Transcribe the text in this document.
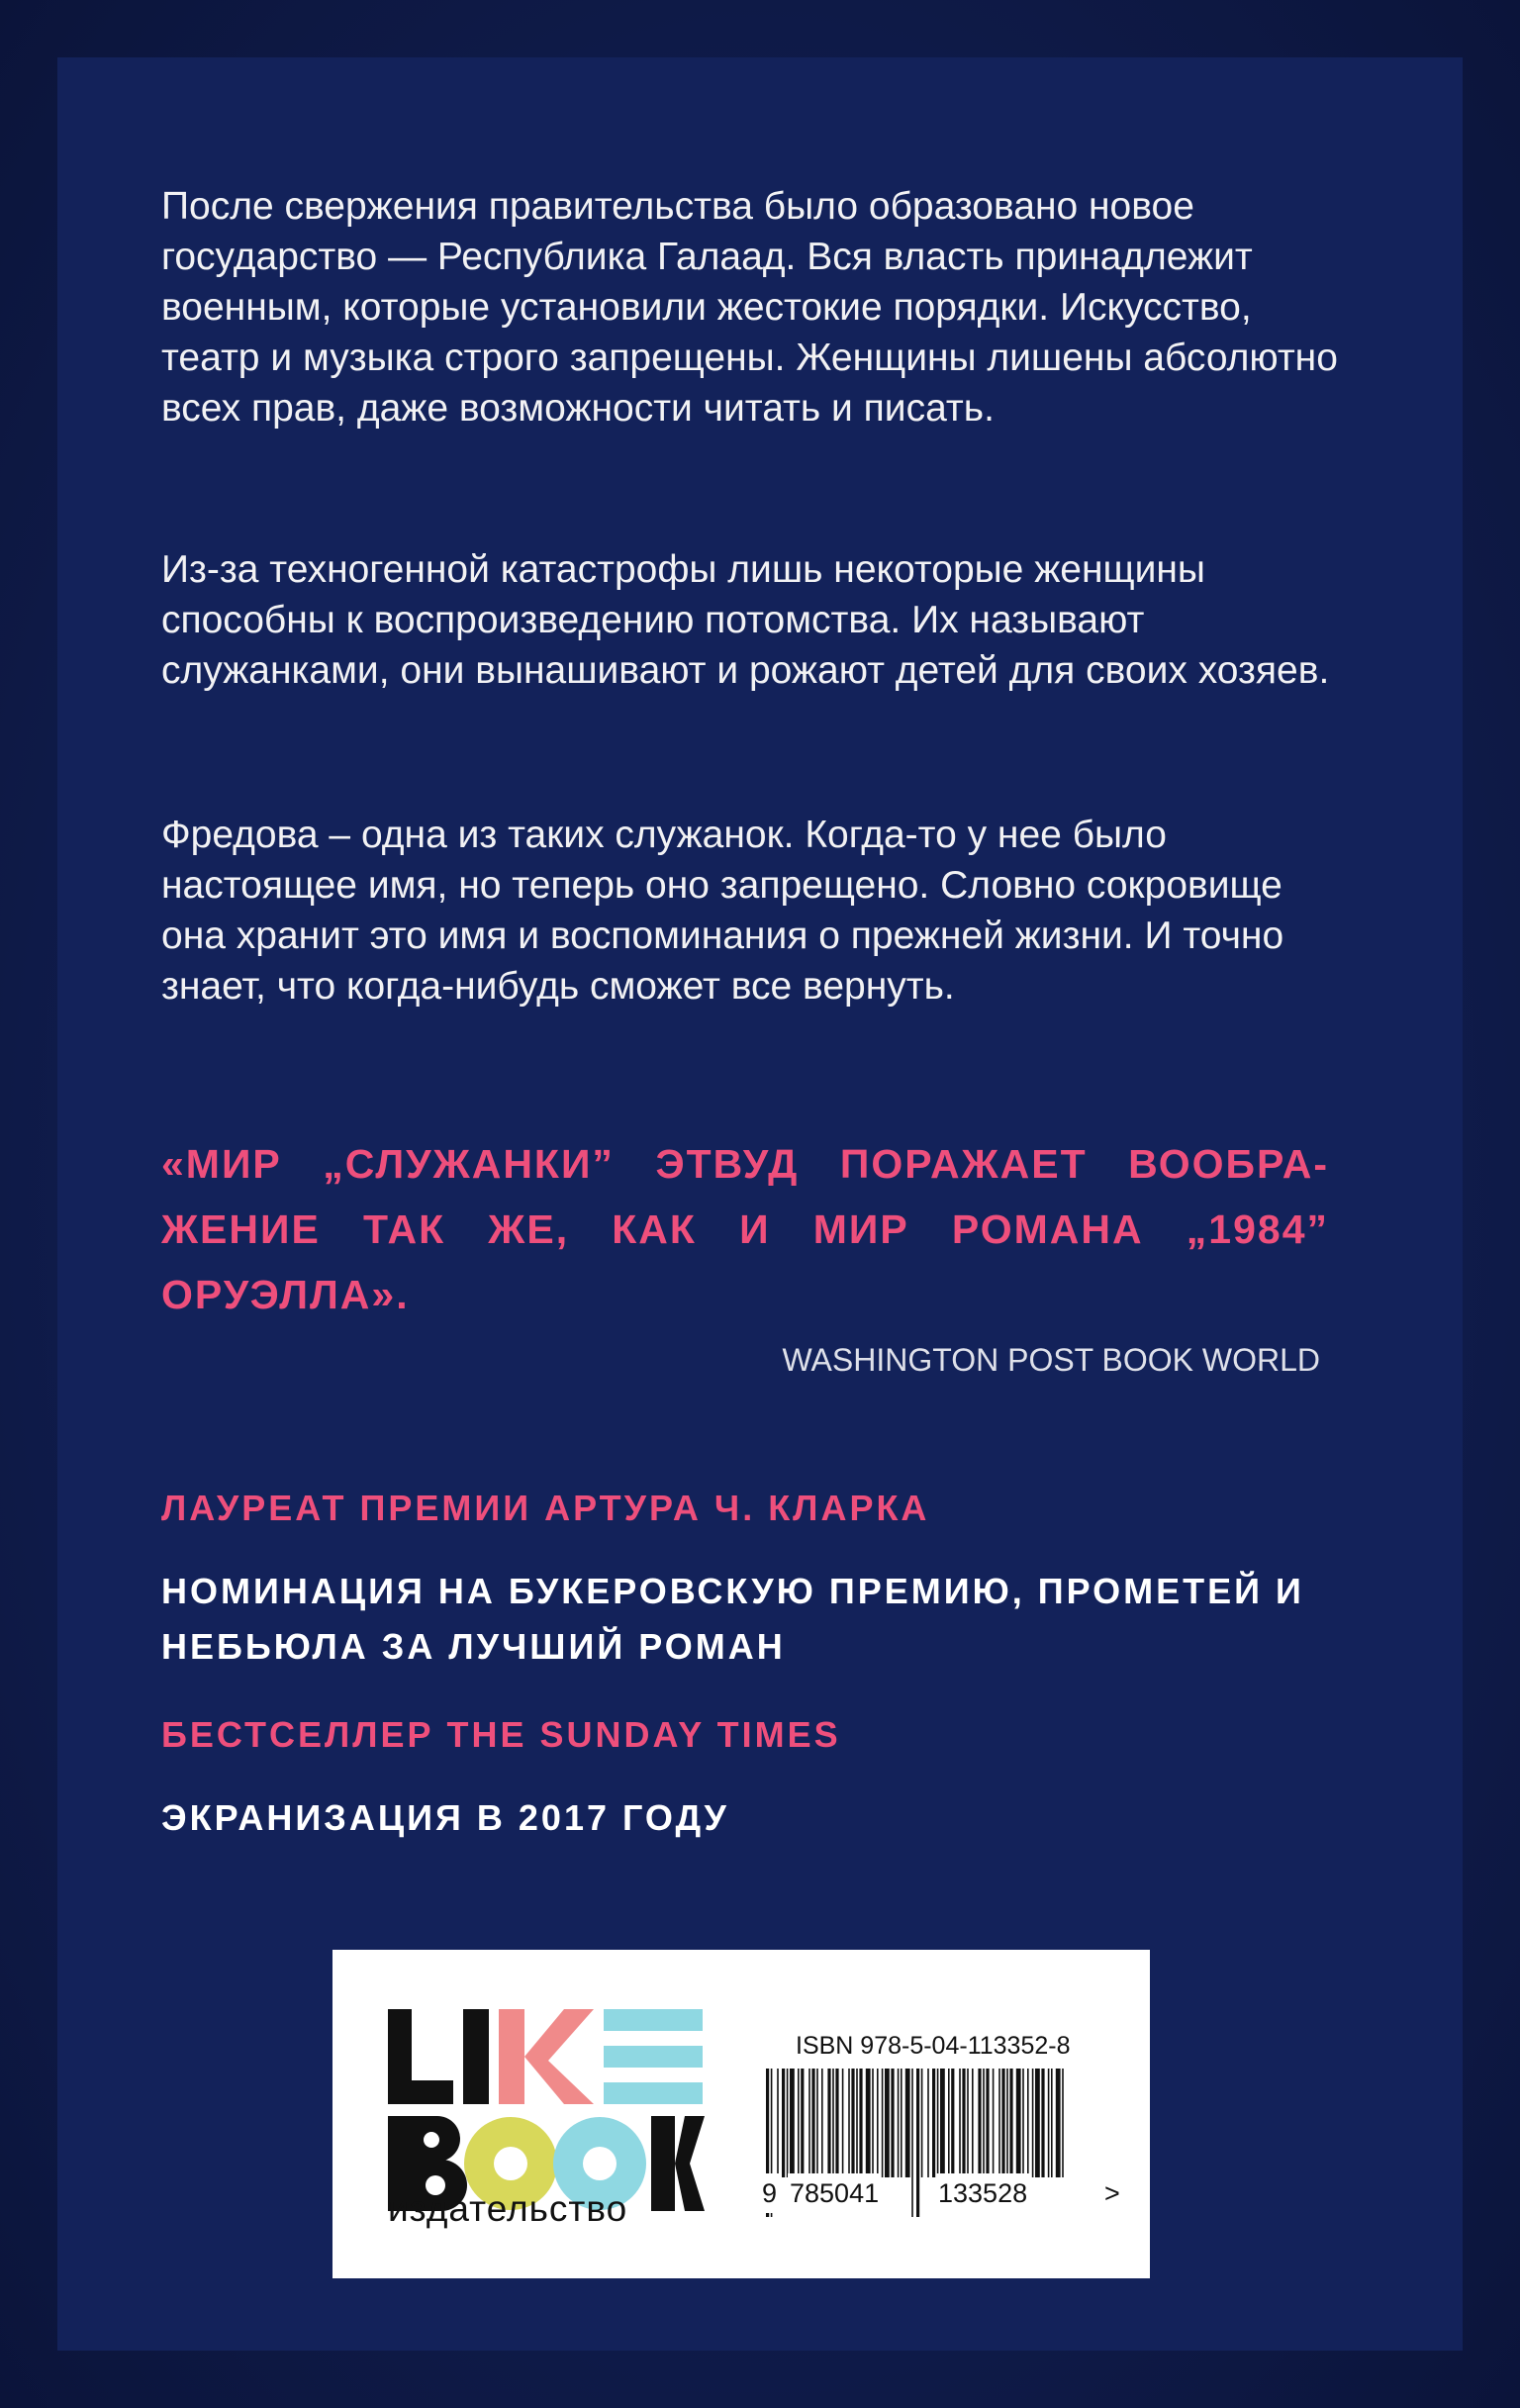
После свержения правительства было образовано новое государство — Республика Галаад. Вся власть принадлежит военным, которые установили жестокие порядки. Искусство, театр и музыка строго запрещены. Женщины лишены абсолютно всех прав, даже возможности читать и писать.

Из-за техногенной катастрофы лишь некоторые женщины способны к воспроизведению потомства. Их называют служанками, они вынашивают и рожают детей для своих хозяев.

Фредова – одна из таких служанок. Когда-то у нее было настоящее имя, но теперь оно запрещено. Словно сокровище она хранит это имя и воспоминания о прежней жизни. И точно знает, что когда-нибудь сможет все вернуть.

«МИР „СЛУЖАНКИ” ЭТВУД ПОРАЖАЕТ ВООБРА-ЖЕНИЕ ТАК ЖЕ, КАК И МИР РОМАНА „1984” ОРУЭЛЛА».

WASHINGTON POST BOOK WORLD

ЛАУРЕАТ ПРЕМИИ АРТУРА Ч. КЛАРКА

НОМИНАЦИЯ НА БУКЕРОВСКУЮ ПРЕМИЮ, ПРОМЕТЕЙ И НЕБЬЮЛА ЗА ЛУЧШИЙ РОМАН

БЕСТСЕЛЛЕР THE SUNDAY TIMES

ЭКРАНИЗАЦИЯ В 2017 ГОДУ

издательство

ISBN 978-5-04-113352-8

9 785041 133528	>
